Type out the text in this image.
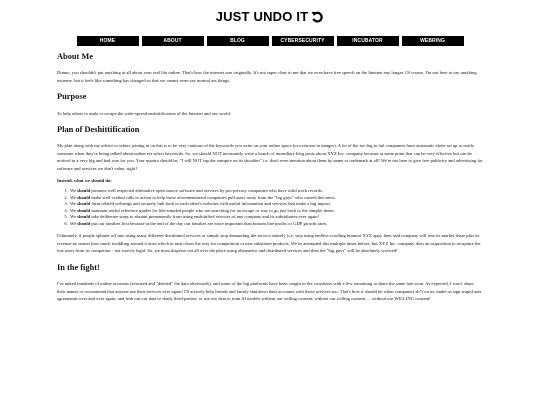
JUST UNDO IT
HOME	ABOUT	BLOG	CYBERSECURITY	INCUBATOR	WEBRING
About Me

Dunno, you shouldn't put anything at all about your real life online. That's how the internet was originally. It's not super clear to me that we even have free speech on the Internet any longer. Of course, I'm not here to say anything extreme, but it feels like something has changed so that we cannot even say normal ass things.

Purpose

To help others to undo or escape the wide-spread enshittification of the Internet and our world.

Plan of Deshittification

My plan along with my advice to others joining in on this is to be very cautious of the keywords you write on your online space (or even use in images). A lot of the too big to fail companies have automatic alerts set up to notify someone when they're being talked about online via select keywords. So, we should NOT incessantly write a bunch of incendiary blog posts about XYZ Inc. company because at some point that can be very effective but can be noticed in a very big and bad way for you. Your mantra should be, "I will NOT tap the vampire on its shoulder" i.e. don't even mention about them by name or trademark at all! We're not here to give free publicity and advertising for software and services we don't value, right?

Instead, what we should do:

1. We should promote well respected alternative open source software and services by pro-privacy companies who have solid track records.
2. We should make well-crafted calls to action to help those aforementioned companies pull users away from the "big guys" who caused this mess.
3. We should form related webrings and securely link back to each other's websites with useful information and services that make a big impact.
4. We should maintain useful reference guides for like-minded people who are searching for an escape or way to go just back to the simpler times.
5. We should take deliberate steps to abstain permanently from using enshittified services of any company and its subsidiaries ever again!
6. We should put our families first because at the end of the day our families are more important than bottom line profits or GDP growth rates.

Ultimately, if people splinter off into using many different distributed services or simply stop demanding the service entirely (i.e. stop using endless scrolling brainrot XYZ app), then said company will lose its market share plus its revenue no matter how much twiddling around it does which in turn clears the way for competition or new substitute products. We've attempted this multiple times before, but XYZ Inc. company does an acquisition to recapture the lost users from its competitor - not exactly legal. So, we must disperse out all over the place using alternative and distributed services and then the "big guys" will be absolutely screwed!

In the fight!

I've nuked hundreds of online accounts (zeroized and "deleted" the data afterwards), and some of the big platforms have been caught in the crosshairs with a few remaining to share the same fate soon. As expected, I won't share their names or recommend that anyone use their services ever again! I'll actively help friends and family shutdown their accounts with those services too. That's how it should be when companies sh*t on us, make us sign stupid user agreements over and over again, and leak out our data to shady third-parties, or use our data to train AI models without our willing consent, without our willing consent, ... without our WILLING consent!
